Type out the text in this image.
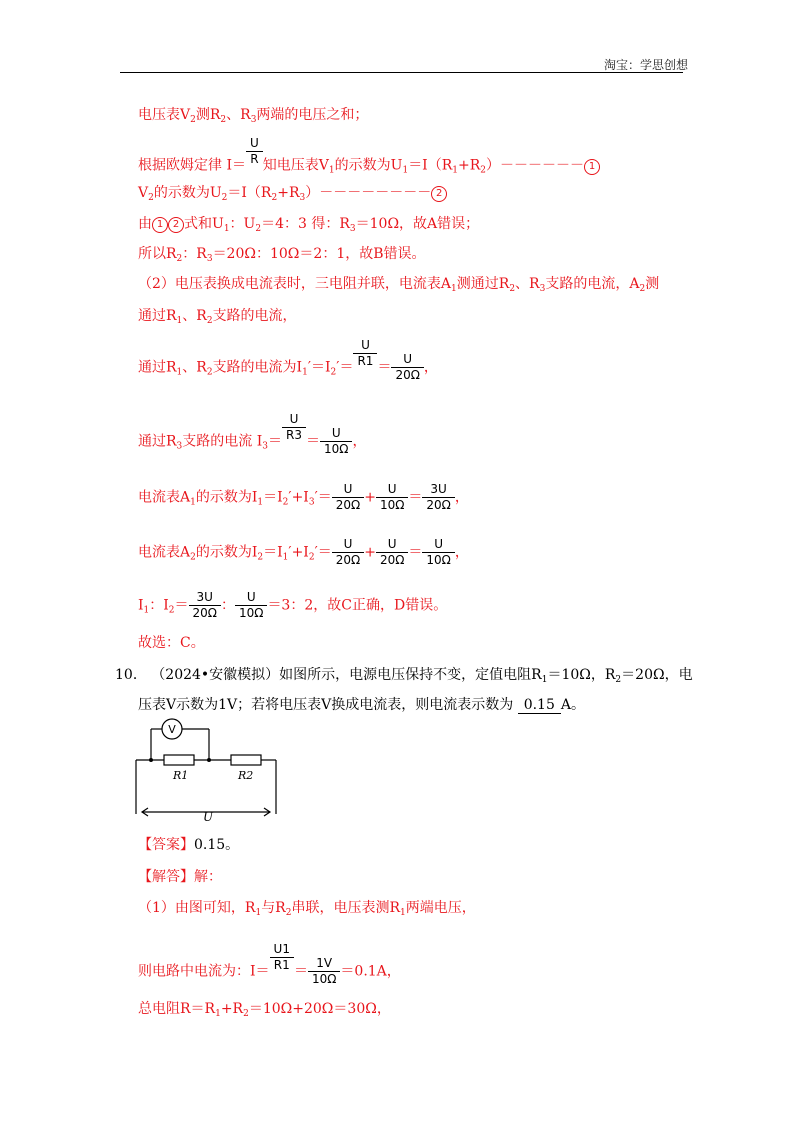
淘宝：学思创想
电压表$V_2$测$R_2$、$R_3$两端的电压之和；
根据欧姆定律 $I= \frac{U}{R}$ 知电压表$V_1$的示数为$U_1=I(R_1+R_2)------ 1$
$V_2$的示数为$U_2=I(R_2+R_3)-------- 2$
由 1 2 式和$U_1$：$U_2=4$：3 得：$R_3=10\Omega$，故A错误；
所以$R_2$：$R_3=20\Omega$：10Ω＝2：1，故B错误。
（2）电压表换成电流表时，三电阻并联，电流表$A_1$测通过$R_2$、$R_3$支路的电流，$A_2$测
通过$R_1$、$R_2$支路的电流，
通过$R_1$、$R_2$支路的电流为$I_1'=I_2'= \frac{U}{R1} = \frac{U}{20\Omega}$ ，
通过$R_3$支路的电流 $I_3= \frac{U}{R3} = \frac{U}{10\Omega}$ ，
电流表$A_1$的示数为$I_1=I_2'+I_3'= \frac{U}{20\Omega} + \frac{U}{10\Omega} = \frac{3U}{20\Omega}$ ，
电流表$A_2$的示数为$I_2=I_1'+I_2'= \frac{U}{20\Omega} + \frac{U}{20\Omega} = \frac{U}{10\Omega}$ ，
$I_1$：$I_2= \frac{3U}{20\Omega}$ ： $\frac{U}{10\Omega} =3$：2，故C正确，D错误。
故选：C。
10． （2024•安徽模拟）如图所示，电源电压保持不变，定值电阻$R_1=10\Omega$，$R_2=20\Omega$，电
压表V示数为1V；若将电压表V换成电流表，则电流表示数为 0.15 A。
V
R1	R2
U
【答案】0.15。
【解答】解：
（1）由图可知，$R_1$与$R_2$串联，电压表测$R_1$两端电压，
则电路中电流为：$I= \frac{U1}{R1} = \frac{1V}{10\Omega} =0.1A$，
总电阻$R=R_1+R_2=10\Omega+20\Omega=30\Omega$，
